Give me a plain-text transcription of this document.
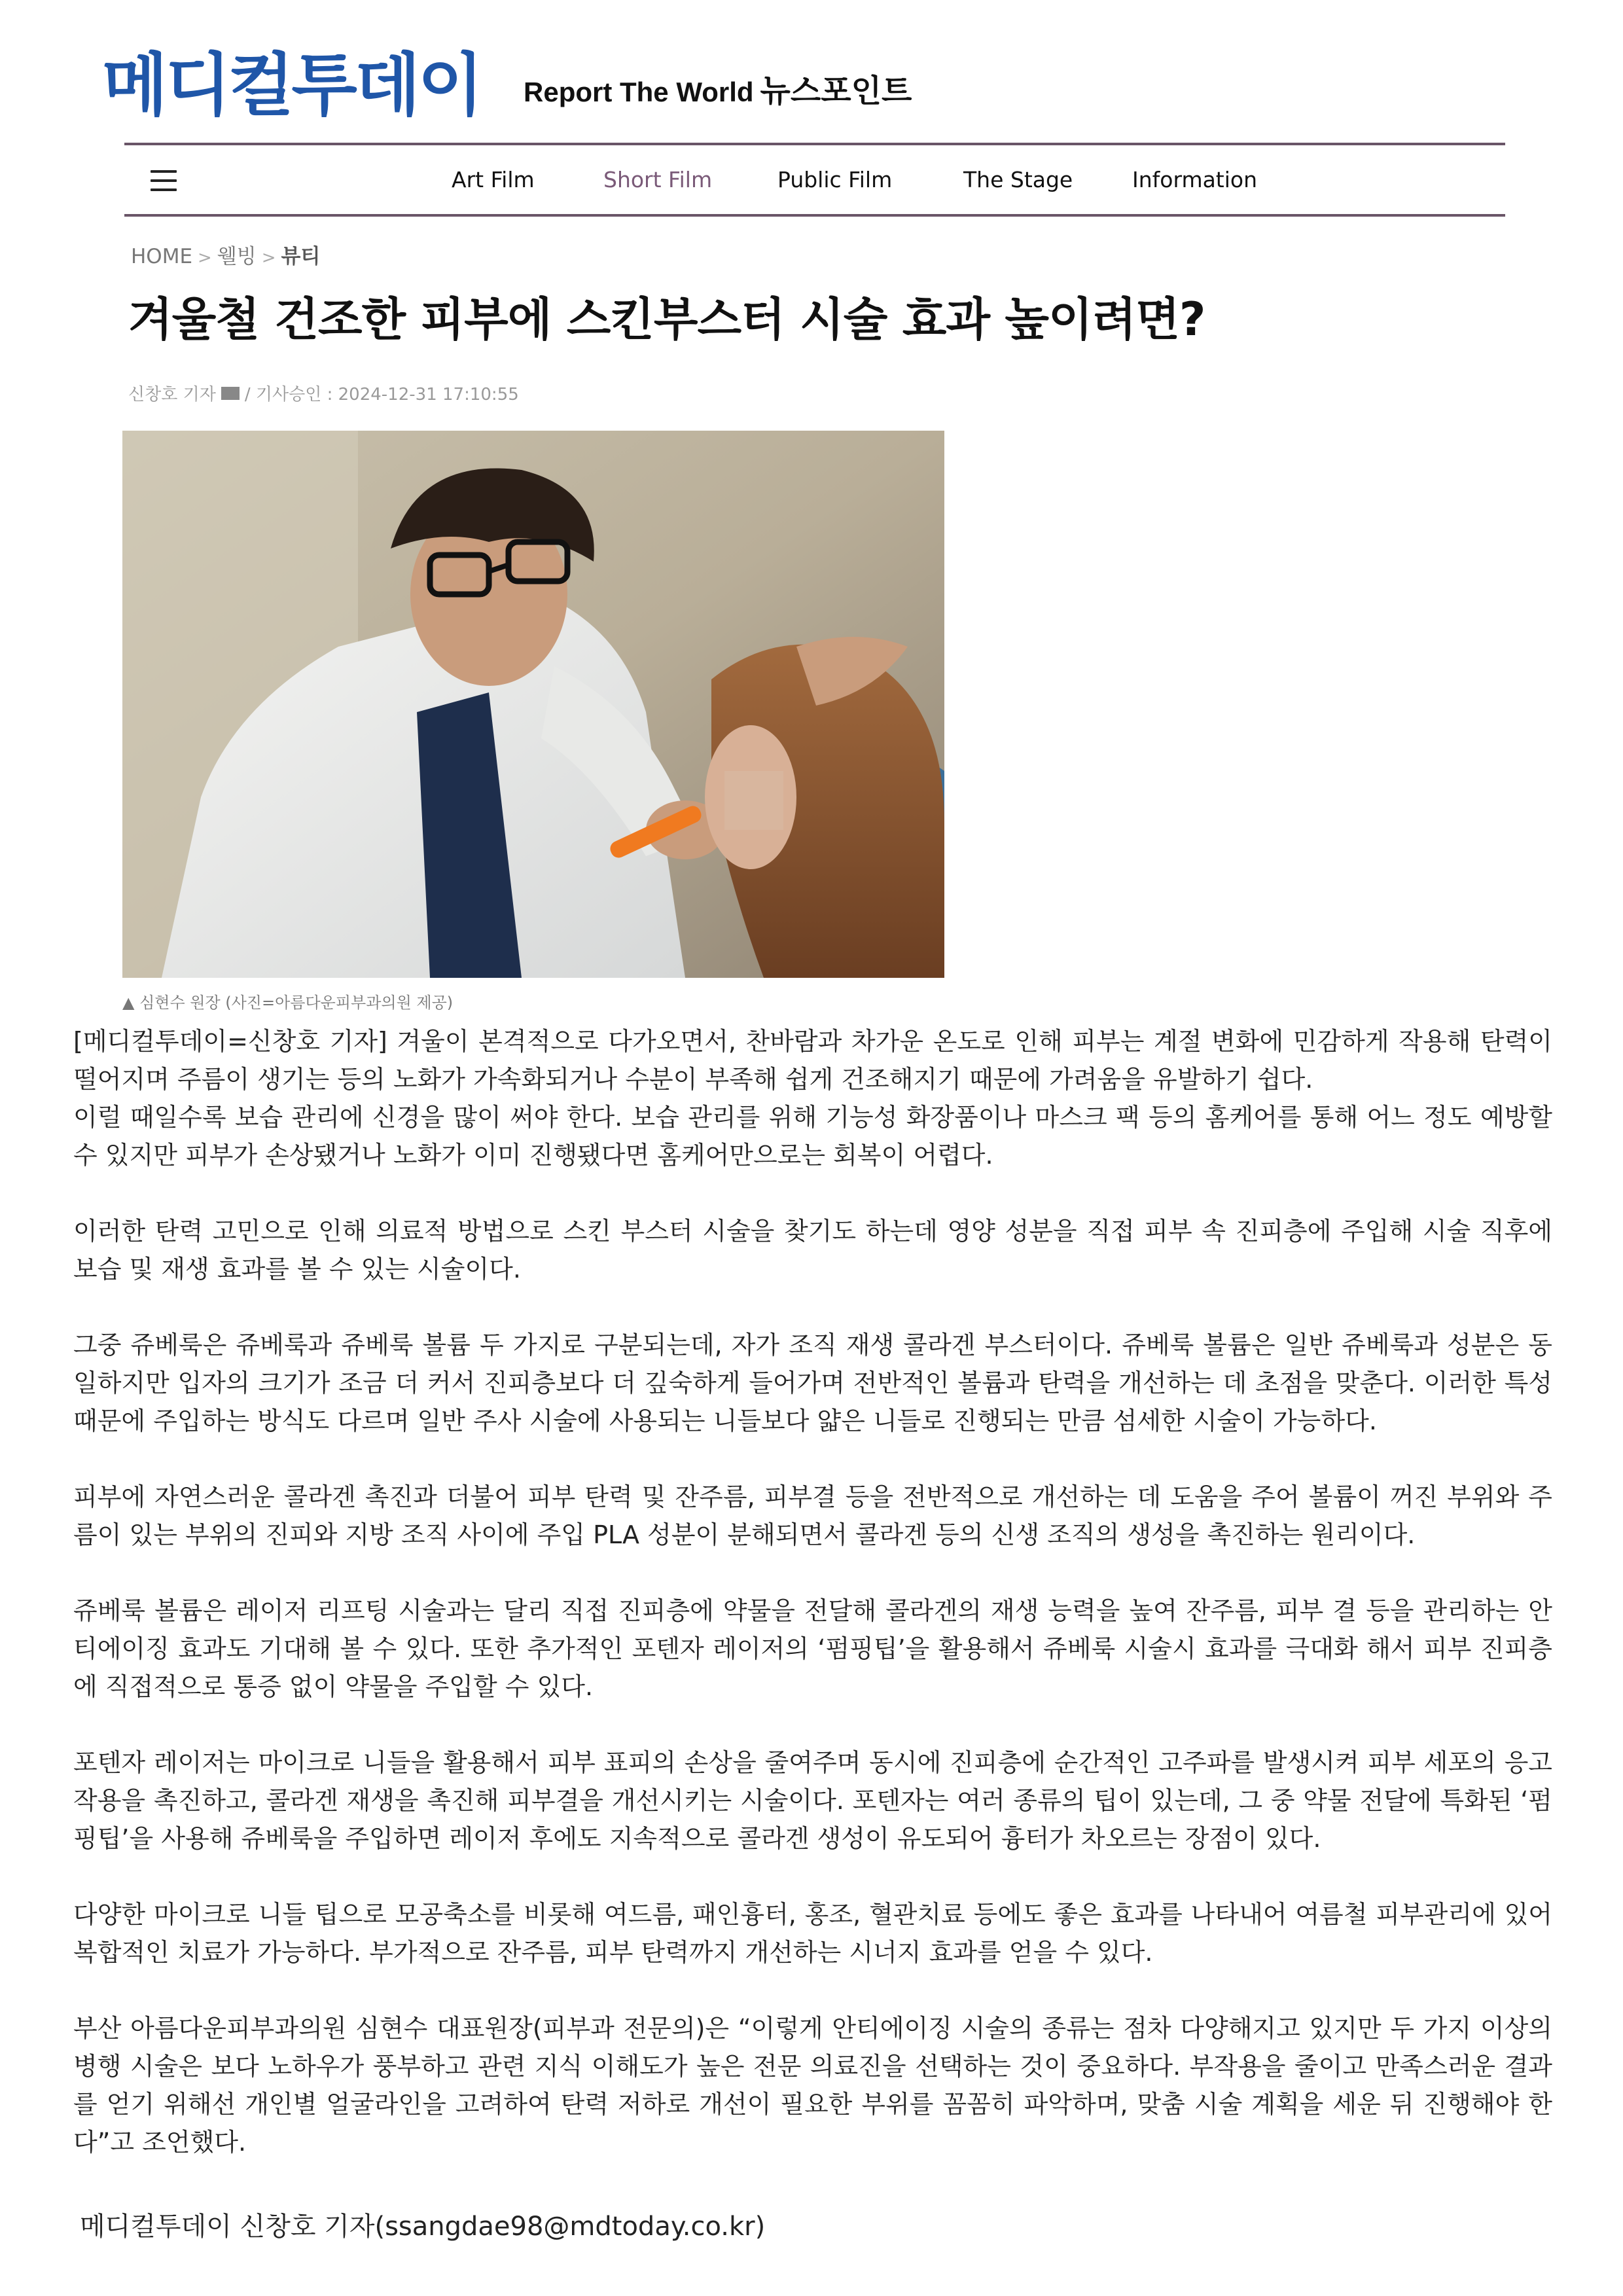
메디컬투데이 Report The World 뉴스포인트
Art Film	Short Film	Public Film	The Stage	Information
HOME > 웰빙 > 뷰티
겨울철 건조한 피부에 스킨부스터 시술 효과 높이려면?
신창호 기자 / 기사승인 : 2024-12-31 17:10:55
▲ 심현수 원장 (사진=아름다운피부과의원 제공)

[메디컬투데이=신창호 기자] 겨울이 본격적으로 다가오면서, 찬바람과 차가운 온도로 인해 피부는 계절 변화에 민감하게 작용해 탄력이 떨어지며 주름이 생기는 등의 노화가 가속화되거나 수분이 부족해 쉽게 건조해지기 때문에 가려움을 유발하기 쉽다.

이럴 때일수록 보습 관리에 신경을 많이 써야 한다. 보습 관리를 위해 기능성 화장품이나 마스크 팩 등의 홈케어를 통해 어느 정도 예방할 수 있지만 피부가 손상됐거나 노화가 이미 진행됐다면 홈케어만으로는 회복이 어렵다.

이러한 탄력 고민으로 인해 의료적 방법으로 스킨 부스터 시술을 찾기도 하는데 영양 성분을 직접 피부 속 진피층에 주입해 시술 직후에 보습 및 재생 효과를 볼 수 있는 시술이다.

그중 쥬베룩은 쥬베룩과 쥬베룩 볼륨 두 가지로 구분되는데, 자가 조직 재생 콜라겐 부스터이다. 쥬베룩 볼륨은 일반 쥬베룩과 성분은 동일하지만 입자의 크기가 조금 더 커서 진피층보다 더 깊숙하게 들어가며 전반적인 볼륨과 탄력을 개선하는 데 초점을 맞춘다. 이러한 특성 때문에 주입하는 방식도 다르며 일반 주사 시술에 사용되는 니들보다 얇은 니들로 진행되는 만큼 섬세한 시술이 가능하다.

피부에 자연스러운 콜라겐 촉진과 더불어 피부 탄력 및 잔주름, 피부결 등을 전반적으로 개선하는 데 도움을 주어 볼륨이 꺼진 부위와 주름이 있는 부위의 진피와 지방 조직 사이에 주입 PLA 성분이 분해되면서 콜라겐 등의 신생 조직의 생성을 촉진하는 원리이다.

쥬베룩 볼륨은 레이저 리프팅 시술과는 달리 직접 진피층에 약물을 전달해 콜라겐의 재생 능력을 높여 잔주름, 피부 결 등을 관리하는 안티에이징 효과도 기대해 볼 수 있다. 또한 추가적인 포텐자 레이저의 ‘펌핑팁’을 활용해서 쥬베룩 시술시 효과를 극대화 해서 피부 진피층에 직접적으로 통증 없이 약물을 주입할 수 있다.

포텐자 레이저는 마이크로 니들을 활용해서 피부 표피의 손상을 줄여주며 동시에 진피층에 순간적인 고주파를 발생시켜 피부 세포의 응고작용을 촉진하고, 콜라겐 재생을 촉진해 피부결을 개선시키는 시술이다. 포텐자는 여러 종류의 팁이 있는데, 그 중 약물 전달에 특화된 ‘펌핑팁’을 사용해 쥬베룩을 주입하면 레이저 후에도 지속적으로 콜라겐 생성이 유도되어 흉터가 차오르는 장점이 있다.

다양한 마이크로 니들 팁으로 모공축소를 비롯해 여드름, 패인흉터, 홍조, 혈관치료 등에도 좋은 효과를 나타내어 여름철 피부관리에 있어 복합적인 치료가 가능하다. 부가적으로 잔주름, 피부 탄력까지 개선하는 시너지 효과를 얻을 수 있다.

부산 아름다운피부과의원 심현수 대표원장(피부과 전문의)은 “이렇게 안티에이징 시술의 종류는 점차 다양해지고 있지만 두 가지 이상의 병행 시술은 보다 노하우가 풍부하고 관련 지식 이해도가 높은 전문 의료진을 선택하는 것이 중요하다. 부작용을 줄이고 만족스러운 결과를 얻기 위해선 개인별 얼굴라인을 고려하여 탄력 저하로 개선이 필요한 부위를 꼼꼼히 파악하며, 맞춤 시술 계획을 세운 뒤 진행해야 한다”고 조언했다.

메디컬투데이 신창호 기자(ssangdae98@mdtoday.co.kr)
